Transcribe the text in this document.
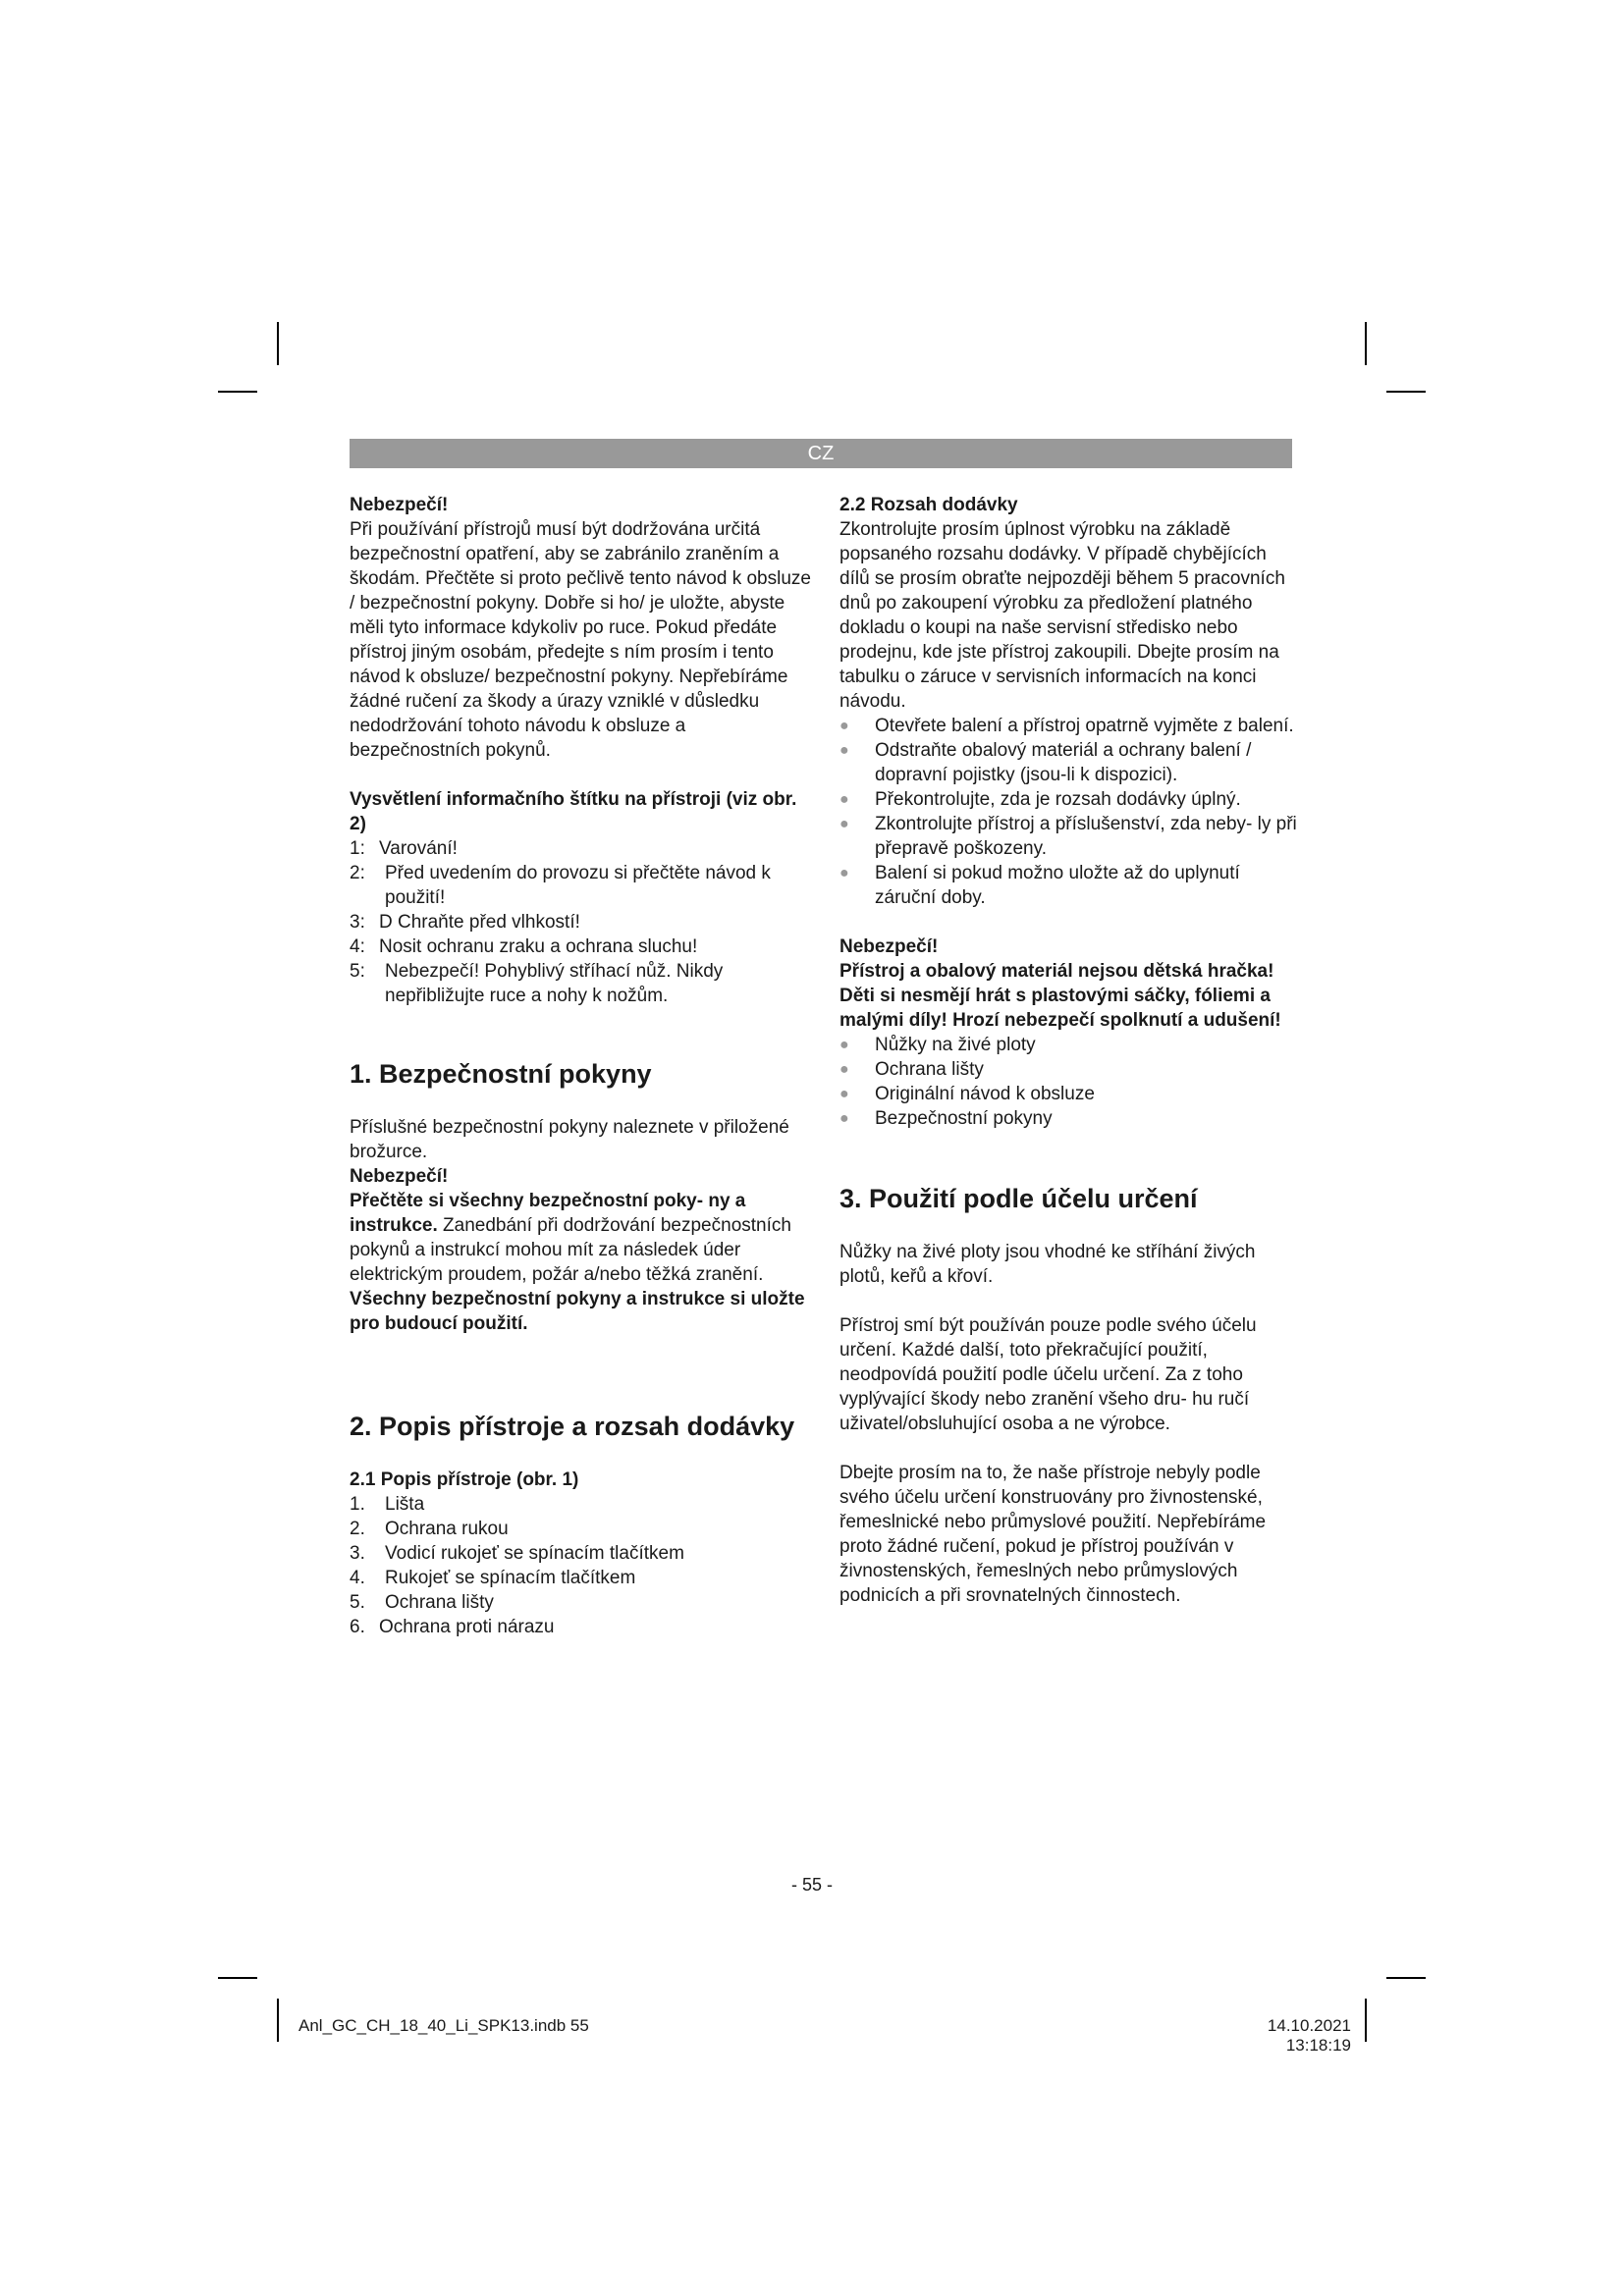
CZ

Nebezpečí!

Při používání přístrojů musí být dodržována určitá bezpečnostní opatření, aby se zabránilo zraněním a škodám. Přečtěte si proto pečlivě tento návod k obsluze / bezpečnostní pokyny. Dobře si ho/ je uložte, abyste měli tyto informace kdykoliv po ruce. Pokud předáte přístroj jiným osobám, předejte s ním prosím i tento návod k obsluze/ bezpečnostní pokyny. Nepřebíráme žádné ručení za škody a úrazy vzniklé v důsledku nedodržování tohoto návodu k obsluze a bezpečnostních pokynů.

Vysvětlení informačního štítku na přístroji (viz obr. 2)

1: Varování!
2:	Před uvedením do provozu si přečtěte návod k použití!
3: D Chraňte před vlhkostí!
4: Nosit ochranu zraku a ochrana sluchu!
5:	Nebezpečí! Pohyblivý stříhací nůž. Nikdy nepřibližujte ruce a nohy k nožům.
1. Bezpečnostní pokyny

Příslušné bezpečnostní pokyny naleznete v přiložené brožurce.

Nebezpečí!

Přečtěte si všechny bezpečnostní poky- ny a instrukce. Zanedbání při dodržování bezpečnostních pokynů a instrukcí mohou mít za následek úder elektrickým proudem, požár a/nebo těžká zranění. Všechny bezpečnostní pokyny a instrukce si uložte pro budoucí použití.

2. Popis přístroje a rozsah dodávky

2.1 Popis přístroje (obr. 1)

1.	Lišta
2.	Ochrana rukou
3.	Vodicí rukojeť se spínacím tlačítkem
4.	Rukojeť se spínacím tlačítkem
5.	Ochrana lišty
6. Ochrana proti nárazu

2.2 Rozsah dodávky

Zkontrolujte prosím úplnost výrobku na základě popsaného rozsahu dodávky. V případě chybějících dílů se prosím obraťte nejpozději během 5 pracovních dnů po zakoupení výrobku za předložení platného dokladu o koupi na naše servisní středisko nebo prodejnu, kde jste přístroj zakoupili. Dbejte prosím na tabulku o záruce v servisních informacích na konci návodu.

●	Otevřete balení a přístroj opatrně vyjměte z balení.
●	Odstraňte obalový materiál a ochrany balení / dopravní pojistky (jsou-li k dispozici).
●	Překontrolujte, zda je rozsah dodávky úplný.
●	Zkontrolujte přístroj a příslušenství, zda neby- ly při přepravě poškozeny.
●	Balení si pokud možno uložte až do uplynutí záruční doby.

Nebezpečí!

Přístroj a obalový materiál nejsou dětská hračka! Děti si nesmějí hrát s plastovými sáčky, fóliemi a malými díly! Hrozí nebezpečí spolknutí a udušení!

●	Nůžky na živé ploty
●	Ochrana lišty
●	Originální návod k obsluze
●	Bezpečnostní pokyny
3. Použití podle účelu určení

Nůžky na živé ploty jsou vhodné ke stříhání živých plotů, keřů a křoví.

Přístroj smí být používán pouze podle svého účelu určení. Každé další, toto překračující použití, neodpovídá použití podle účelu určení. Za z toho vyplývající škody nebo zranění všeho dru- hu ručí uživatel/obsluhující osoba a ne výrobce.

Dbejte prosím na to, že naše přístroje nebyly podle svého účelu určení konstruovány pro živnostenské, řemeslnické nebo průmyslové použití. Nepřebíráme proto žádné ručení, pokud je přístroj používán v živnostenských, řemeslných nebo průmyslových podnicích a při srovnatelných činnostech.

- 55 -
Anl_GC_CH_18_40_Li_SPK13.indb 55	14.10.2021 13:18:19
